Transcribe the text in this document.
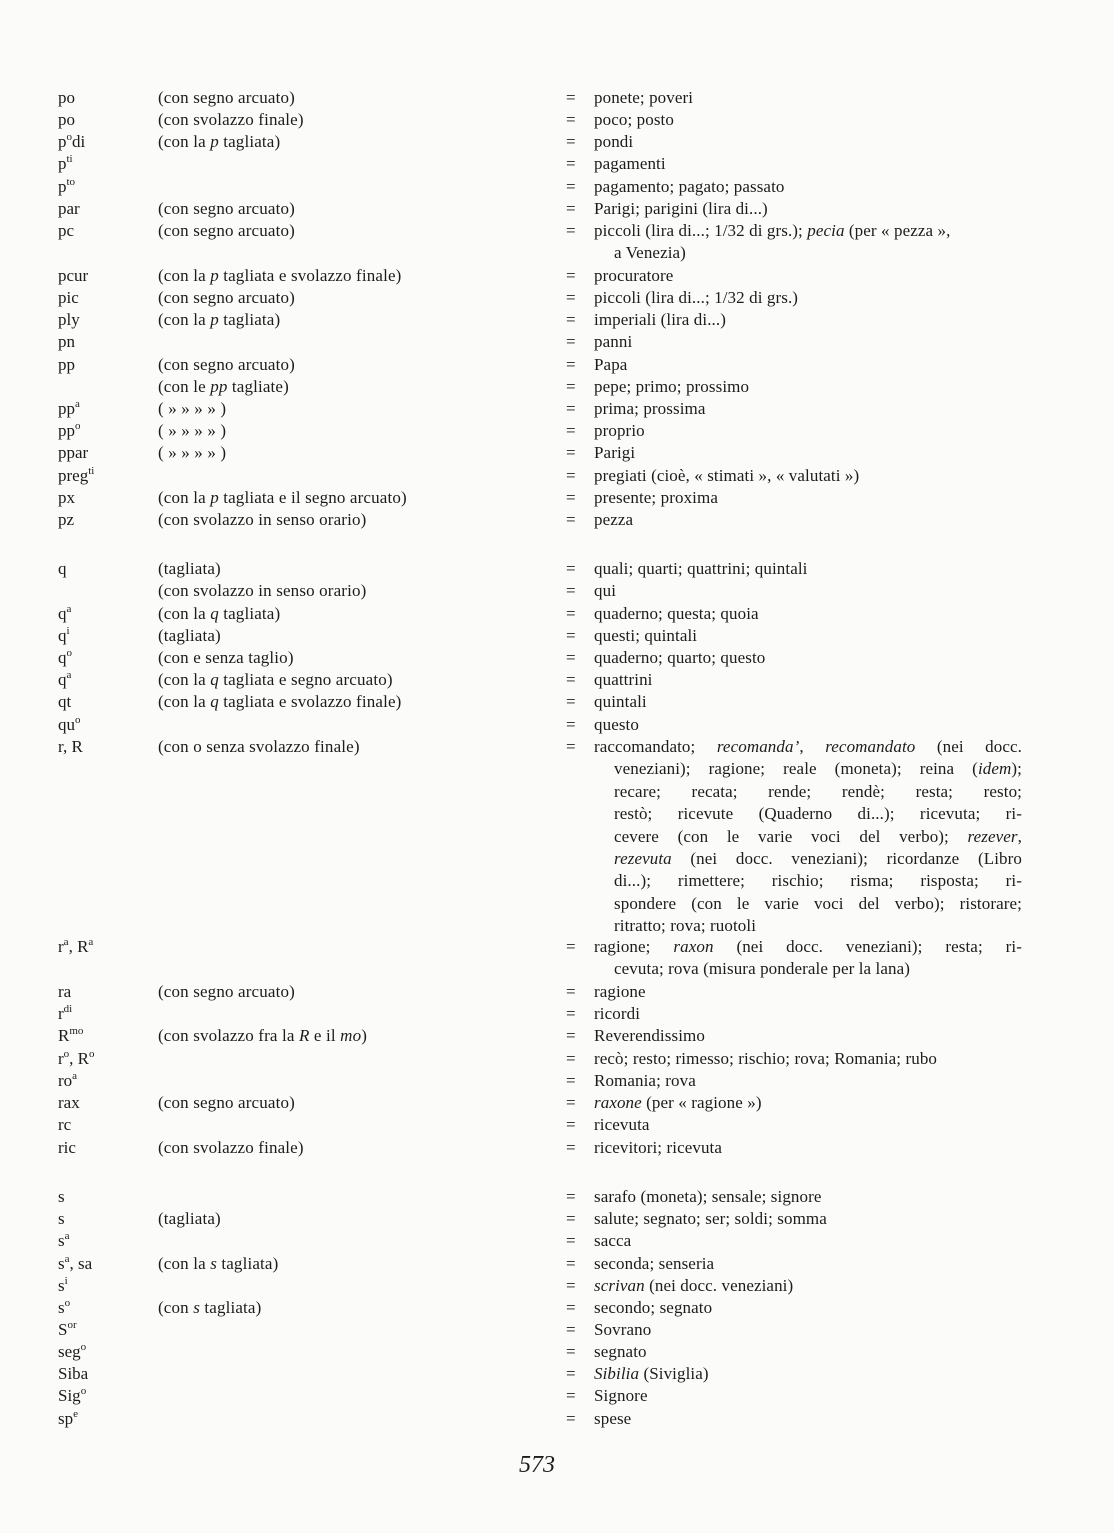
po	(con segno arcuato)	= ponete; poveri
po	(con svolazzo finale)	= poco; posto
$p^odi$	(con la p tagliata)	= pondi
$p^{ti}$	= pagamenti
$p^{to}$	= pagamento; pagato; passato
par	(con segno arcuato)	= Parigi; parigini (lira di...)
pc	(con segno arcuato)	= piccoli (lira di...; 1/32 di grs.); pecia (per « pezza »,
a Venezia)
pcur	(con la p tagliata e svolazzo finale)	= procuratore
pic	(con segno arcuato)	= piccoli (lira di...; 1/32 di grs.)
ply	(con la p tagliata)	= imperiali (lira di...)
pn	= panni
pp	(con segno arcuato)	= Papa
(con le pp tagliate)	= pepe; primo; prossimo
$pp^a$	( » » » » )	= prima; prossima
$pp^o$	( » » » » )	= proprio
ppar	( » » » » )	= Parigi
preg$^{ti}$	= pregiati (cioè, « stimati », « valutati »)
px	(con la p tagliata e il segno arcuato)	= presente; proxima
pz	(con svolazzo in senso orario)	= pezza
q	(tagliata)	= quali; quarti; quattrini; quintali
(con svolazzo in senso orario)	= qui
$q^a$	(con la q tagliata)	= quaderno; questa; quoia
$q^i$	(tagliata)	= questi; quintali
$q^o$	(con e senza taglio)	= quaderno; quarto; questo
$q^a$	(con la q tagliata e segno arcuato)	= quattrini
qt	(con la q tagliata e svolazzo finale)	= quintali
$qu^o$	= questo
r, R	(con o senza svolazzo finale)	= raccomandato; recomanda’, recomandato (nei docc.
veneziani); ragione; reale (moneta); reina (idem);
recare; recata; rende; rendè; resta; resto;
restò; ricevute (Quaderno di...); ricevuta; ri-
cevere (con le varie voci del verbo); rezever,
rezevuta (nei docc. veneziani); ricordanze (Libro
di...); rimettere; rischio; risma; risposta; ri-
spondere (con le varie voci del verbo); ristorare;
ritratto; rova; ruotoli
$r^a$, $R^a$	= ragione; raxon (nei docc. veneziani); resta; ri-
cevuta; rova (misura ponderale per la lana)
ra	(con segno arcuato)	= ragione
$r^{di}$	= ricordi
$R^{mo}$	(con svolazzo fra la R e il mo)	= Reverendissimo
$r^o$, $R^o$	= recò; resto; rimesso; rischio; rova; Romania; rubo
$ro^a$	= Romania; rova
rax	(con segno arcuato)	= raxone (per « ragione »)
rc	= ricevuta
ric	(con svolazzo finale)	= ricevitori; ricevuta
s	= sarafo (moneta); sensale; signore
s	(tagliata)	= salute; segnato; ser; soldi; somma
$s^a$	= sacca
$s^a$, sa	(con la s tagliata)	= seconda; senseria
$s^i$	= scrivan (nei docc. veneziani)
$s^o$	(con s tagliata)	= secondo; segnato
$S^{or}$	= Sovrano
seg$^o$	= segnato
Siba	= Sibilia (Siviglia)
Sig$^o$	= Signore
$sp^e$	= spese
573
